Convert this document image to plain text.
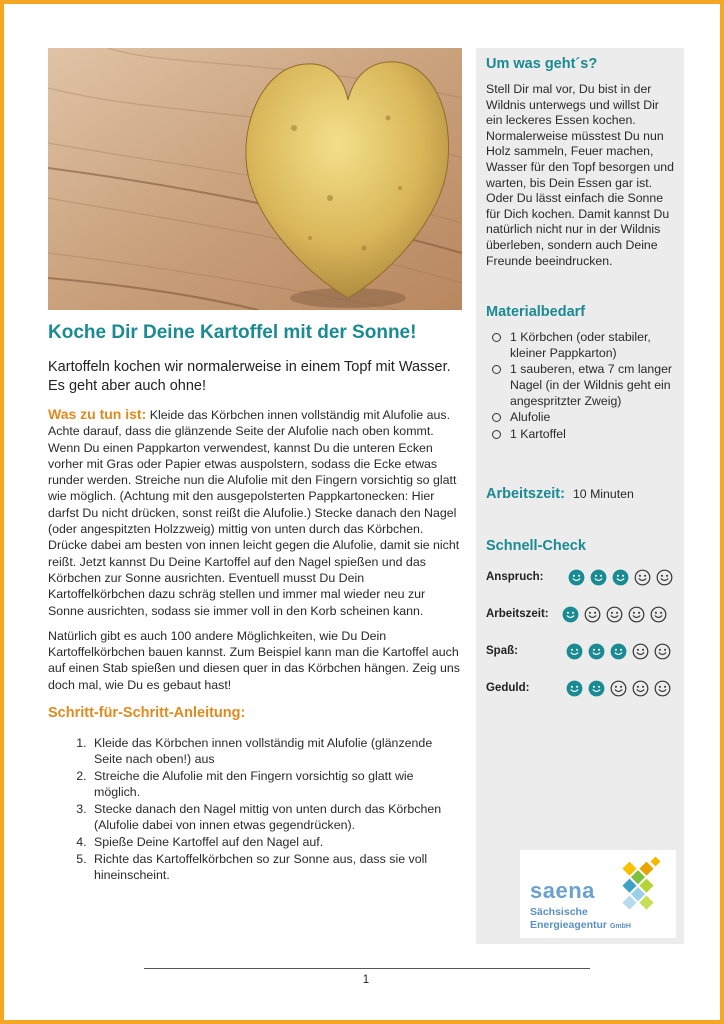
Koche Dir Deine Kartoffel mit der Sonne!

Kartoffeln kochen wir normalerweise in einem Topf mit Wasser. Es geht aber auch ohne!

Was zu tun ist: Kleide das Körbchen innen vollständig mit Alufolie aus. Achte darauf, dass die glänzende Seite der Alufolie nach oben kommt. Wenn Du einen Pappkarton verwendest, kannst Du die unteren Ecken vorher mit Gras oder Papier etwas auspolstern, sodass die Ecke etwas runder werden. Streiche nun die Alufolie mit den Fingern vorsichtig so glatt wie möglich. (Achtung mit den ausgepolsterten Pappkartonecken: Hier darfst Du nicht drücken, sonst reißt die Alufolie.) Stecke danach den Nagel (oder angespitzten Holzzweig) mittig von unten durch das Körbchen. Drücke dabei am besten von innen leicht gegen die Alufolie, damit sie nicht reißt. Jetzt kannst Du Deine Kartoffel auf den Nagel spießen und das Körbchen zur Sonne ausrichten. Eventuell musst Du Dein Kartoffelkörbchen dazu schräg stellen und immer mal wieder neu zur Sonne ausrichten, sodass sie immer voll in den Korb scheinen kann.

Natürlich gibt es auch 100 andere Möglichkeiten, wie Du Dein Kartoffelkörbchen bauen kannst. Zum Beispiel kann man die Kartoffel auch auf einen Stab spießen und diesen quer in das Körbchen hängen. Zeig uns doch mal, wie Du es gebaut hast!

Schritt-für-Schritt-Anleitung:
1. Kleide das Körbchen innen vollständig mit Alufolie (glänzende Seite nach oben!) aus
2. Streiche die Alufolie mit den Fingern vorsichtig so glatt wie möglich.
3. Stecke danach den Nagel mittig von unten durch das Körbchen (Alufolie dabei von innen etwas gegendrücken).
4. Spieße Deine Kartoffel auf den Nagel auf.
5. Richte das Kartoffelkörbchen so zur Sonne aus, dass sie voll hineinscheint.
Um was geht´s?

Stell Dir mal vor, Du bist in der Wildnis unterwegs und willst Dir ein leckeres Essen kochen. Normalerweise müsstest Du nun Holz sammeln, Feuer machen, Wasser für den Topf besorgen und warten, bis Dein Essen gar ist. Oder Du lässt einfach die Sonne für Dich kochen. Damit kannst Du natürlich nicht nur in der Wildnis überleben, sondern auch Deine Freunde beeindrucken.

Materialbedarf
1 Körbchen (oder stabiler, kleiner Pappkarton)
1 sauberen, etwa 7 cm langer Nagel (in der Wildnis geht ein angespritzter Zweig)
Alufolie
1 Kartoffel
Arbeitszeit: 10 Minuten
Schnell-Check
Anspruch:
Arbeitszeit:
Spaß:
Geduld:
saena
Sächsische
Energieagentur GmbH
1
